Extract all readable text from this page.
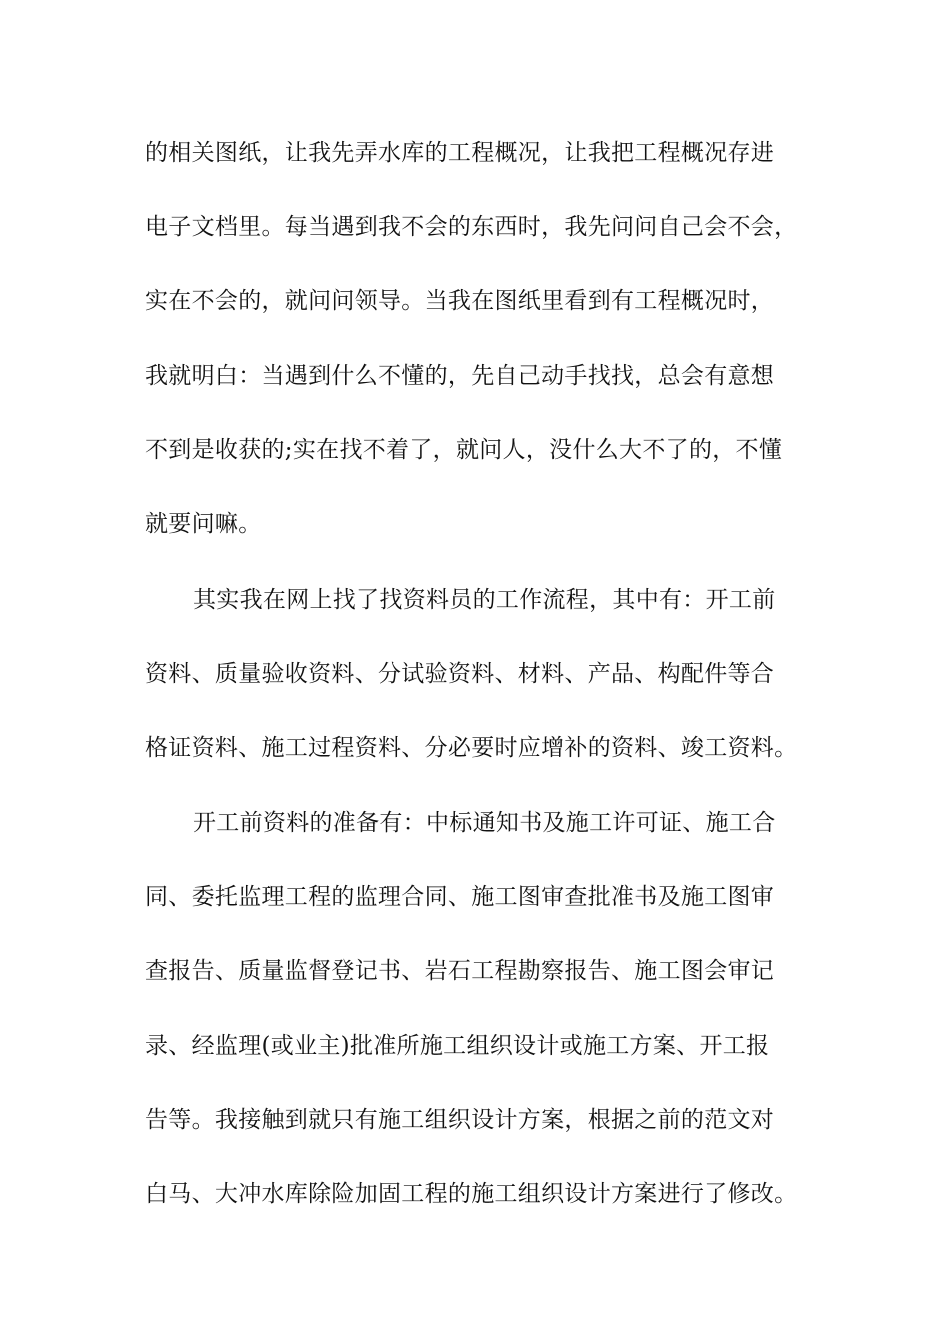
的相关图纸，让我先弄水库的工程概况，让我把工程概况存进
电子文档里。每当遇到我不会的东西时，我先问问自己会不会，
实在不会的，就问问领导。当我在图纸里看到有工程概况时，
我就明白：当遇到什么不懂的，先自己动手找找，总会有意想
不到是收获的;实在找不着了，就问人，没什么大不了的，不懂
就要问嘛。
其实我在网上找了找资料员的工作流程，其中有：开工前
资料、质量验收资料、分试验资料、材料、产品、构配件等合
格证资料、施工过程资料、分必要时应增补的资料、竣工资料。
开工前资料的准备有：中标通知书及施工许可证、施工合
同、委托监理工程的监理合同、施工图审查批准书及施工图审
查报告、质量监督登记书、岩石工程勘察报告、施工图会审记
录、经监理(或业主)批准所施工组织设计或施工方案、开工报
告等。我接触到就只有施工组织设计方案，根据之前的范文对
白马、大冲水库除险加固工程的施工组织设计方案进行了修改。
